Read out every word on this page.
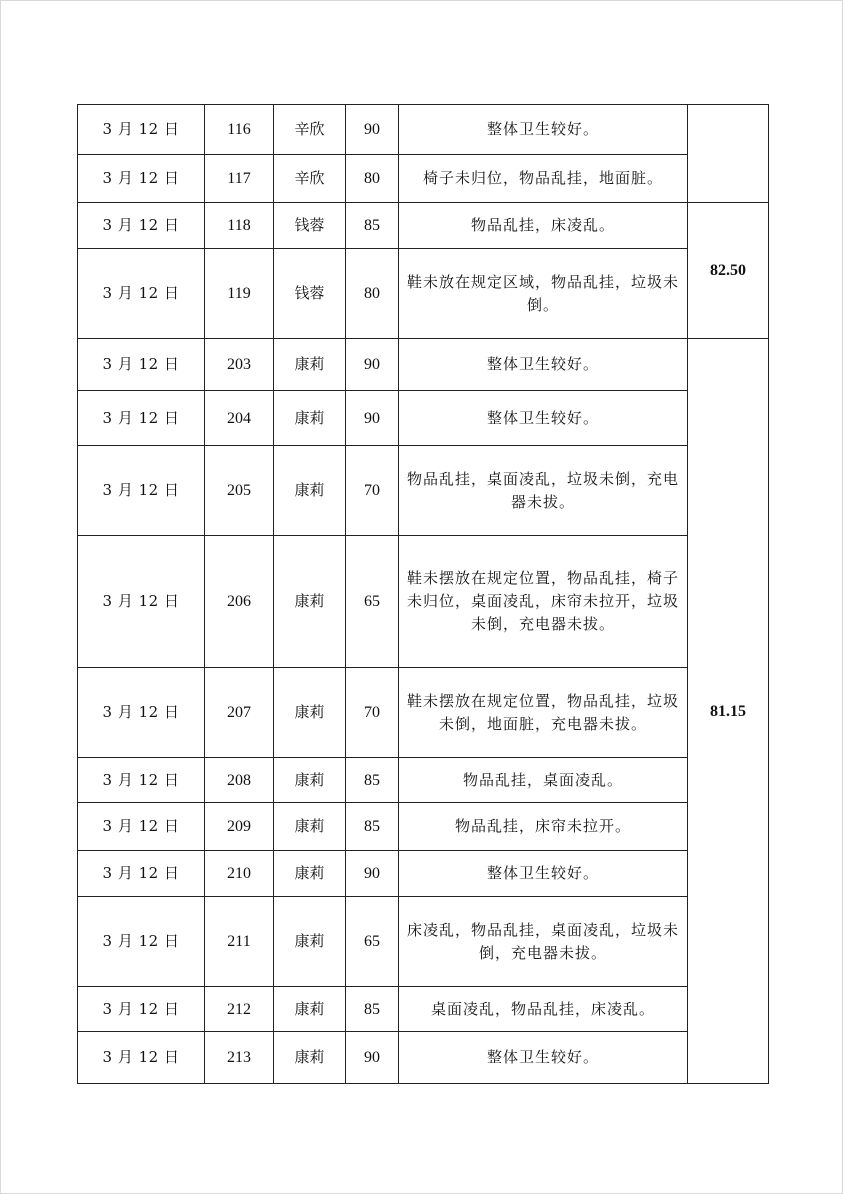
3 月 12 日	116	辛欣	90	整体卫生较好。	
3 月 12 日	117	辛欣	80	椅子未归位，物品乱挂，地面脏。	
3 月 12 日	118	钱蓉	85	物品乱挂，床凌乱。	82.50
3 月 12 日	119	钱蓉	80	鞋未放在规定区域，物品乱挂，垃圾未倒。	
3 月 12 日	203	康莉	90	整体卫生较好。	81.15
3 月 12 日	204	康莉	90	整体卫生较好。	
3 月 12 日	205	康莉	70	物品乱挂，桌面凌乱，垃圾未倒，充电器未拔。	
3 月 12 日	206	康莉	65	鞋未摆放在规定位置，物品乱挂，椅子未归位，桌面凌乱，床帘未拉开，垃圾未倒，充电器未拔。	
3 月 12 日	207	康莉	70	鞋未摆放在规定位置，物品乱挂，垃圾未倒，地面脏，充电器未拔。	
3 月 12 日	208	康莉	85	物品乱挂，桌面凌乱。	
3 月 12 日	209	康莉	85	物品乱挂，床帘未拉开。	
3 月 12 日	210	康莉	90	整体卫生较好。	
3 月 12 日	211	康莉	65	床凌乱，物品乱挂，桌面凌乱，垃圾未倒，充电器未拔。	
3 月 12 日	212	康莉	85	桌面凌乱，物品乱挂，床凌乱。	
3 月 12 日	213	康莉	90	整体卫生较好。	
